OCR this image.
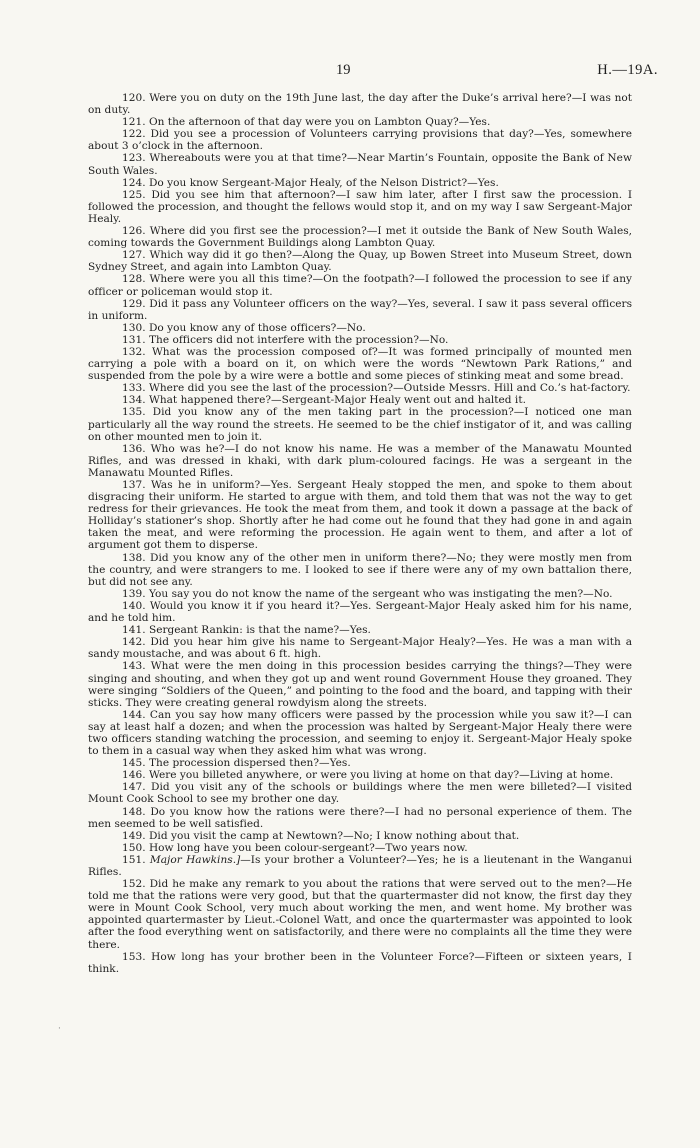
19	H.—19A.

120. Were you on duty on the 19th June last, the day after the Duke’s arrival here?—I was not on duty.

121. On the afternoon of that day were you on Lambton Quay?—Yes.

122. Did you see a procession of Volunteers carrying provisions that day?—Yes, somewhere about 3 o’clock in the afternoon.

123. Whereabouts were you at that time?—Near Martin’s Fountain, opposite the Bank of New South Wales.

124. Do you know Sergeant-Major Healy, of the Nelson District?—Yes.

125. Did you see him that afternoon?—I saw him later, after I first saw the procession. I followed the procession, and thought the fellows would stop it, and on my way I saw Sergeant-Major Healy.

126. Where did you first see the procession?—I met it outside the Bank of New South Wales, coming towards the Government Buildings along Lambton Quay.

127. Which way did it go then?—Along the Quay, up Bowen Street into Museum Street, down Sydney Street, and again into Lambton Quay.

128. Where were you all this time?—On the footpath?—I followed the procession to see if any officer or policeman would stop it.

129. Did it pass any Volunteer officers on the way?—Yes, several. I saw it pass several officers in uniform.

130. Do you know any of those officers?—No.

131. The officers did not interfere with the procession?—No.

132. What was the procession composed of?—It was formed principally of mounted men carrying a pole with a board on it, on which were the words “Newtown Park Rations,” and suspended from the pole by a wire were a bottle and some pieces of stinking meat and some bread.

133. Where did you see the last of the procession?—Outside Messrs. Hill and Co.’s hat-factory.

134. What happened there?—Sergeant-Major Healy went out and halted it.

135. Did you know any of the men taking part in the procession?—I noticed one man particularly all the way round the streets. He seemed to be the chief instigator of it, and was calling on other mounted men to join it.

136. Who was he?—I do not know his name. He was a member of the Manawatu Mounted Rifles, and was dressed in khaki, with dark plum-coloured facings. He was a sergeant in the Manawatu Mounted Rifles.

137. Was he in uniform?—Yes. Sergeant Healy stopped the men, and spoke to them about disgracing their uniform. He started to argue with them, and told them that was not the way to get redress for their grievances. He took the meat from them, and took it down a passage at the back of Holliday’s stationer’s shop. Shortly after he had come out he found that they had gone in and again taken the meat, and were reforming the procession. He again went to them, and after a lot of argument got them to disperse.

138. Did you know any of the other men in uniform there?—No; they were mostly men from the country, and were strangers to me. I looked to see if there were any of my own battalion there, but did not see any.

139. You say you do not know the name of the sergeant who was instigating the men?—No.

140. Would you know it if you heard it?—Yes. Sergeant-Major Healy asked him for his name, and he told him.

141. Sergeant Rankin: is that the name?—Yes.

142. Did you hear him give his name to Sergeant-Major Healy?—Yes. He was a man with a sandy moustache, and was about 6 ft. high.

143. What were the men doing in this procession besides carrying the things?—They were singing and shouting, and when they got up and went round Government House they groaned. They were singing “Soldiers of the Queen,” and pointing to the food and the board, and tapping with their sticks. They were creating general rowdyism along the streets.

144. Can you say how many officers were passed by the procession while you saw it?—I can say at least half a dozen; and when the procession was halted by Sergeant-Major Healy there were two officers standing watching the procession, and seeming to enjoy it. Sergeant-Major Healy spoke to them in a casual way when they asked him what was wrong.

145. The procession dispersed then?—Yes.

146. Were you billeted anywhere, or were you living at home on that day?—Living at home.

147. Did you visit any of the schools or buildings where the men were billeted?—I visited Mount Cook School to see my brother one day.

148. Do you know how the rations were there?—I had no personal experience of them. The men seemed to be well satisfied.

149. Did you visit the camp at Newtown?—No; I know nothing about that.

150. How long have you been colour-sergeant?—Two years now.

151. Major Hawkins.]—Is your brother a Volunteer?—Yes; he is a lieutenant in the Wanganui Rifles.

152. Did he make any remark to you about the rations that were served out to the men?—He told me that the rations were very good, but that the quartermaster did not know, the first day they were in Mount Cook School, very much about working the men, and went home. My brother was appointed quartermaster by Lieut.-Colonel Watt, and once the quartermaster was appointed to look after the food everything went on satisfactorily, and there were no complaints all the time they were there.

153. How long has your brother been in the Volunteer Force?—Fifteen or sixteen years, I think.

·
